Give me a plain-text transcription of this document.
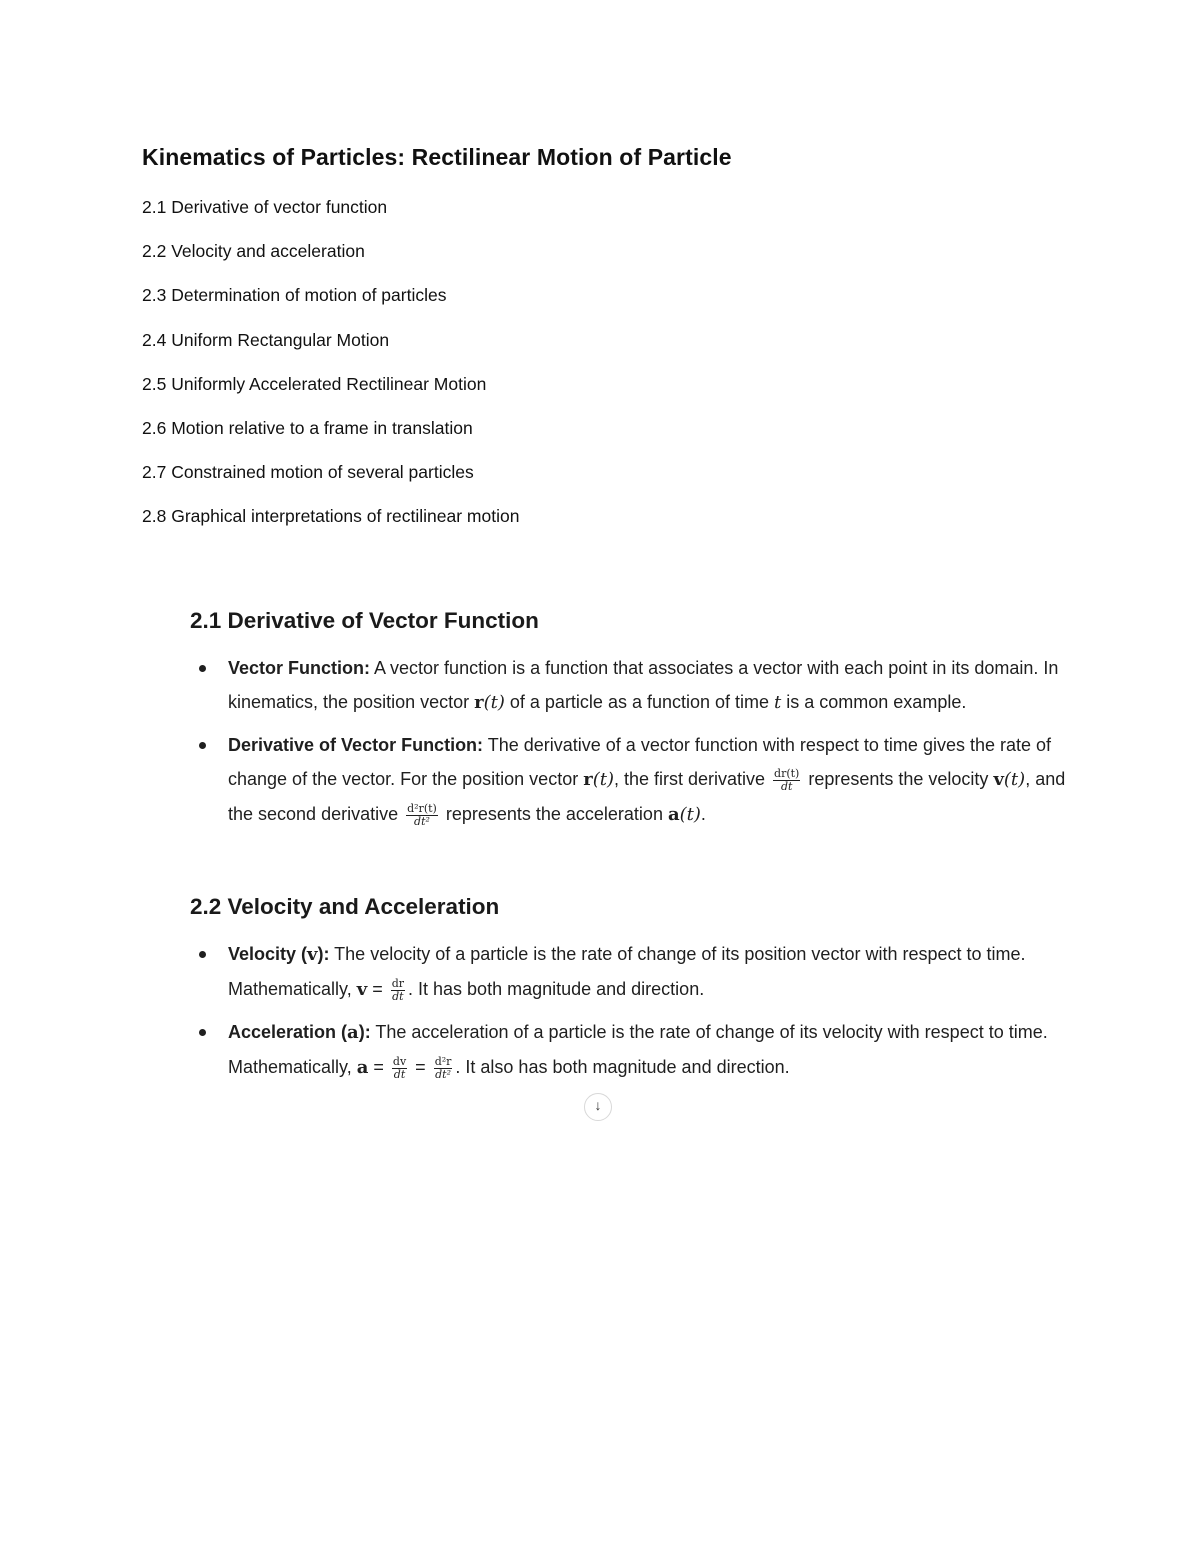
Kinematics of Particles: Rectilinear Motion of Particle
2.1 Derivative of vector function
2.2 Velocity and acceleration
2.3 Determination of motion of particles
2.4 Uniform Rectangular Motion
2.5 Uniformly Accelerated Rectilinear Motion
2.6 Motion relative to a frame in translation
2.7 Constrained motion of several particles
2.8 Graphical interpretations of rectilinear motion
2.1 Derivative of Vector Function
Vector Function: A vector function is a function that associates a vector with each point in its domain. In kinematics, the position vector r(t) of a particle as a function of time t is a common example.
Derivative of Vector Function: The derivative of a vector function with respect to time gives the rate of change of the vector. For the position vector r(t), the first derivative $\frac{dr(t)}{dt}$ represents the velocity v(t), and the second derivative $\frac{\text{d²r(t)}}{\text{dt²}}$ represents the acceleration a(t).
2.2 Velocity and Acceleration
Velocity (v): The velocity of a particle is the rate of change of its position vector with respect to time. Mathematically, $v = \frac{dr}{dt}$ . It has both magnitude and direction.
Acceleration (a): The acceleration of a particle is the rate of change of its velocity with respect to time. Mathematically, $a = \frac{dv}{dt} = \frac{\text{d²r}}{\text{dt²}}$ . It also has both magnitude and direction.
↓
